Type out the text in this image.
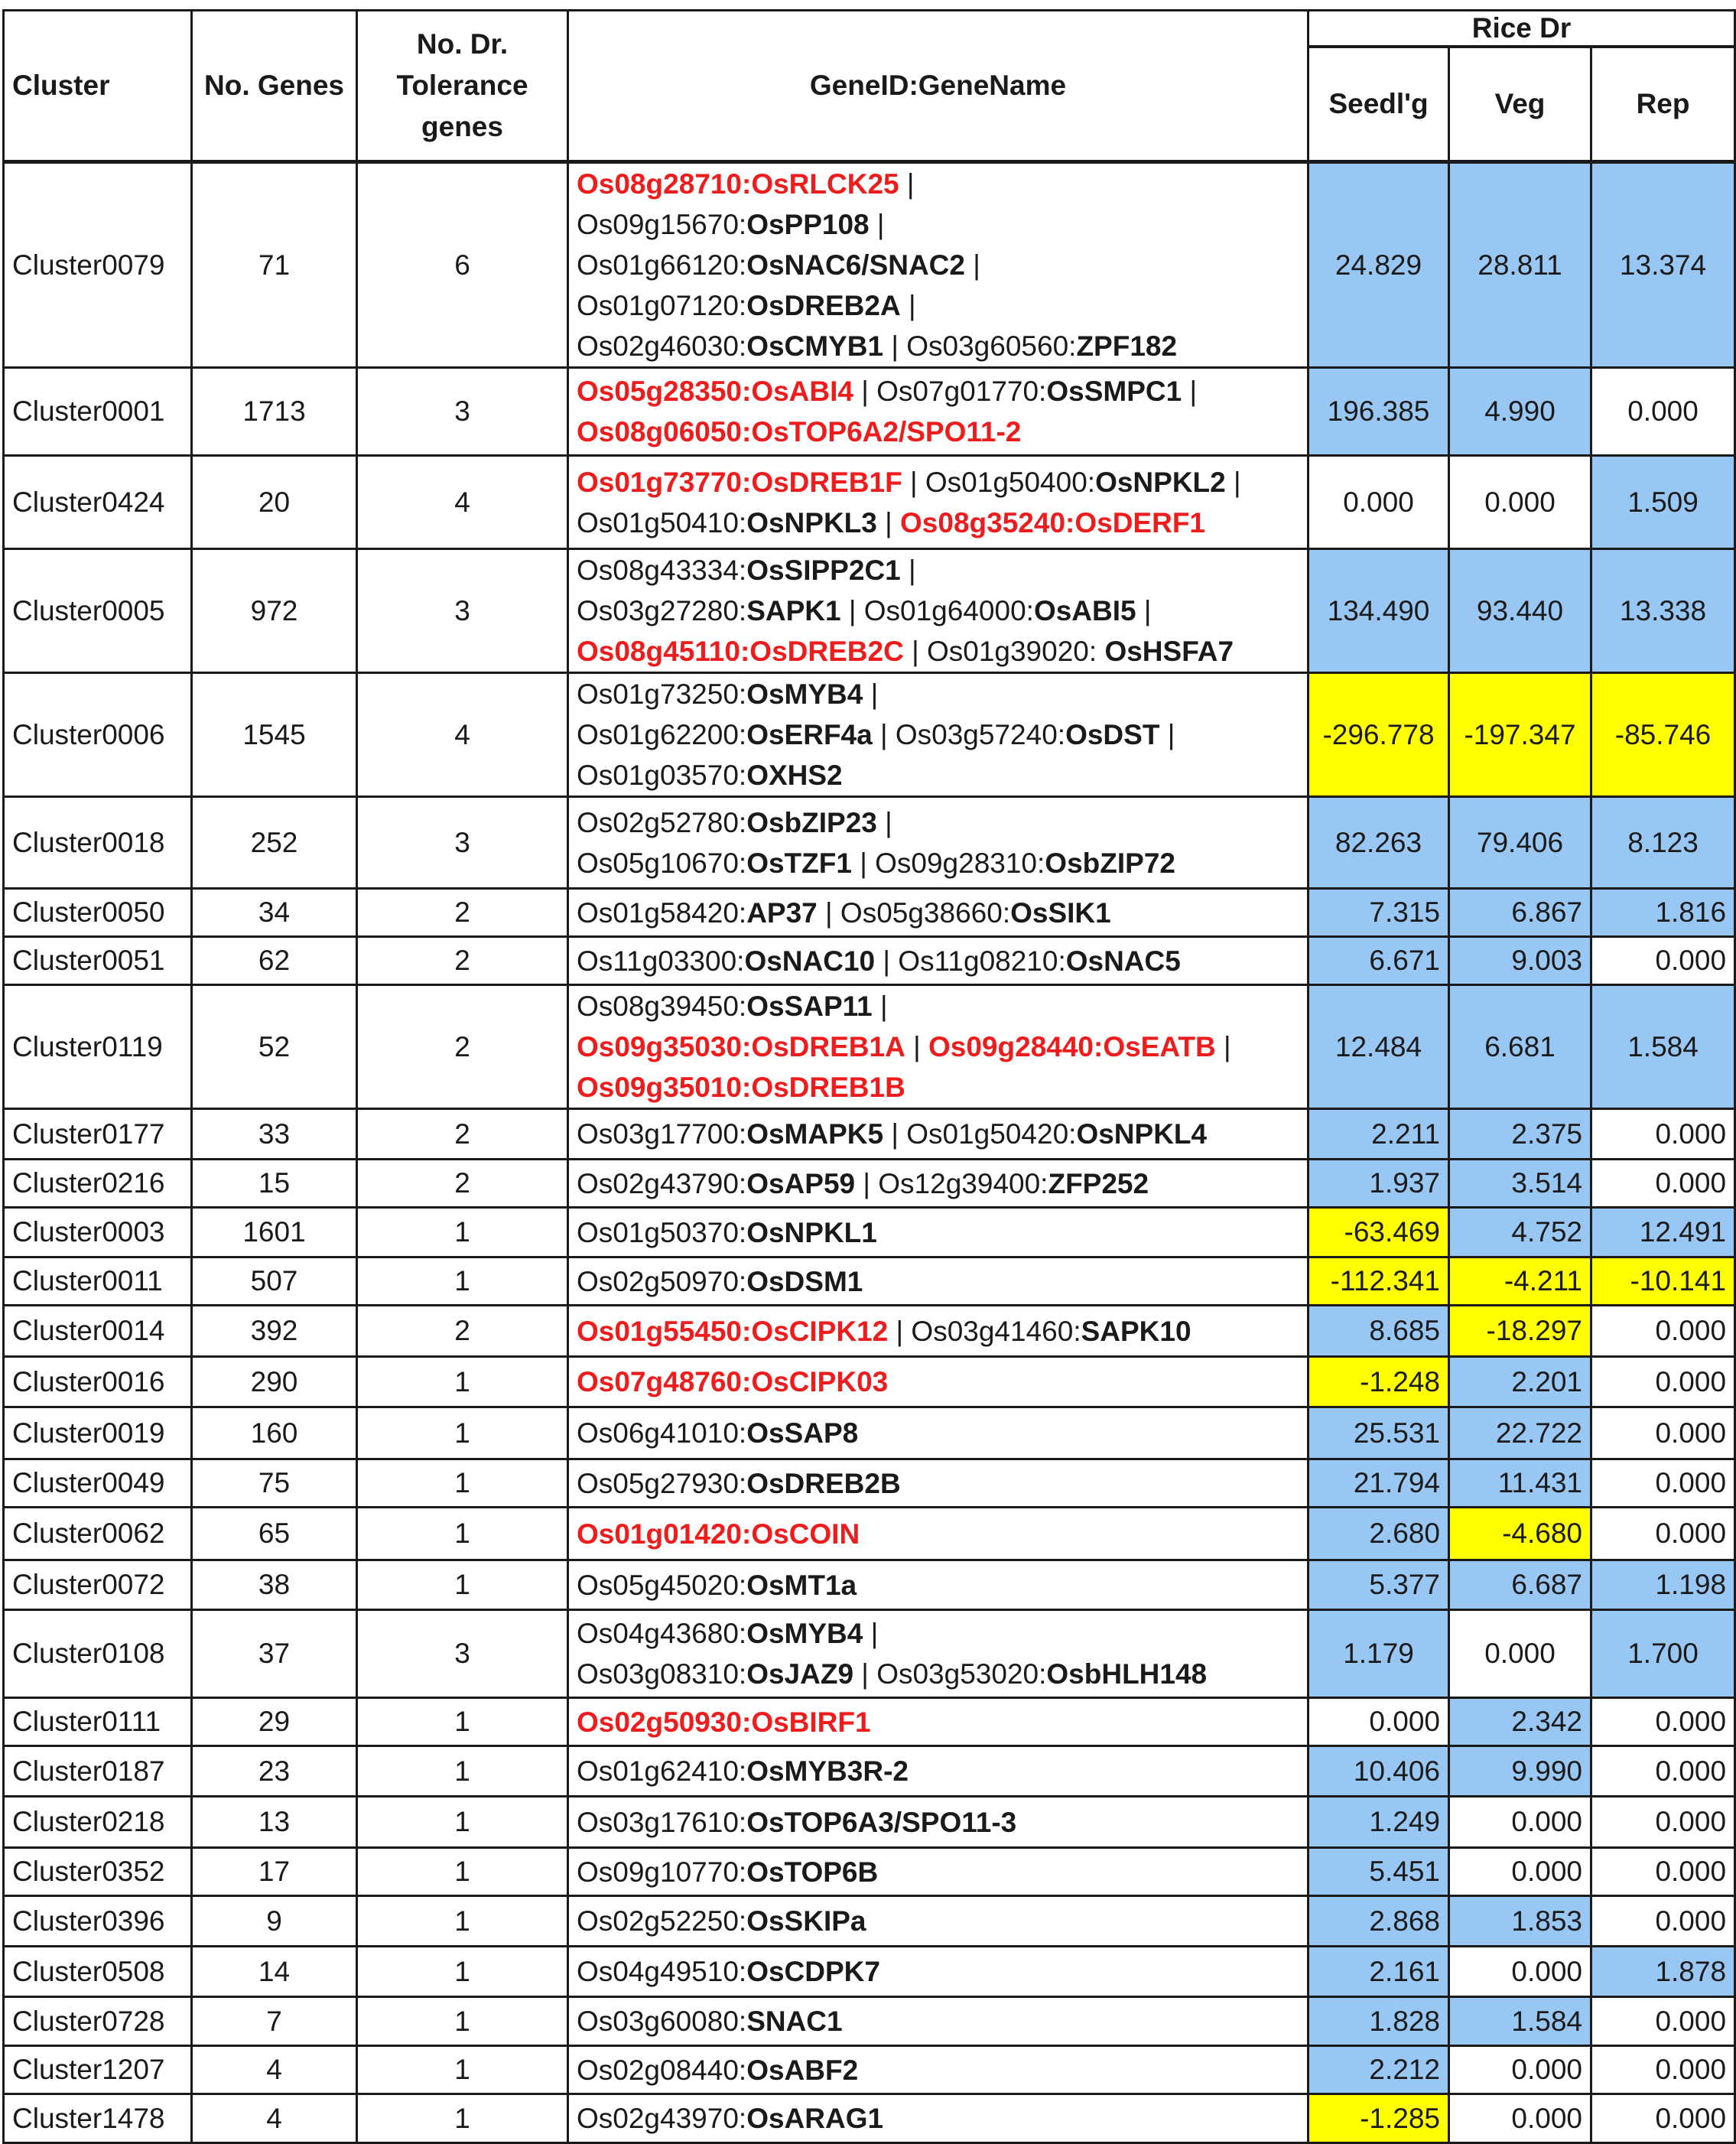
Cluster	No. Genes	No. Dr. Tolerance genes	GeneID:GeneName	Rice Dr		
				Seedl'g	Veg	Rep
Cluster0079	71	6	Os08g28710:OsRLCK25 |
Os09g15670:OsPP108 |
Os01g66120:OsNAC6/SNAC2 | Os01g07120:OsDREB2A |
Os02g46030:OsCMYB1 | Os03g60560:ZPF182	24.829	28.811	13.374
Cluster0001	1713	3	Os05g28350:OsABI4 | Os07g01770:OsSMPC1 | Os08g06050:OsTOP6A2/SPO11-2	196.385	4.990	0.000
Cluster0424	20	4	Os01g73770:OsDREB1F | Os01g50400:OsNPKL2 | Os01g50410:OsNPKL3 | Os08g35240:OsDERF1	0.000	0.000	1.509
Cluster0005	972	3	Os08g43334:OsSIPP2C1 |
Os03g27280:SAPK1 | Os01g64000:OsABI5 |
Os08g45110:OsDREB2C | Os01g39020: OsHSFA7	134.490	93.440	13.338
Cluster0006	1545	4	Os01g73250:OsMYB4 |
Os01g62200:OsERF4a | Os03g57240:OsDST | Os01g03570:OXHS2	-296.778	-197.347	-85.746
Cluster0018	252	3	Os02g52780:OsbZIP23 |
Os05g10670:OsTZF1 | Os09g28310:OsbZIP72	82.263	79.406	8.123
Cluster0050	34	2	Os01g58420:AP37 | Os05g38660:OsSIK1	7.315	6.867	1.816
Cluster0051	62	2	Os11g03300:OsNAC10 | Os11g08210:OsNAC5	6.671	9.003	0.000
Cluster0119	52	2	Os08g39450:OsSAP11 |
Os09g35030:OsDREB1A | Os09g28440:OsEATB | Os09g35010:OsDREB1B	12.484	6.681	1.584
Cluster0177	33	2	Os03g17700:OsMAPK5 | Os01g50420:OsNPKL4	2.211	2.375	0.000
Cluster0216	15	2	Os02g43790:OsAP59 | Os12g39400:ZFP252	1.937	3.514	0.000
Cluster0003	1601	1	Os01g50370:OsNPKL1	-63.469	4.752	12.491
Cluster0011	507	1	Os02g50970:OsDSM1	-112.341	-4.211	-10.141
Cluster0014	392	2	Os01g55450:OsCIPK12 | Os03g41460:SAPK10	8.685	-18.297	0.000
Cluster0016	290	1	Os07g48760:OsCIPK03	-1.248	2.201	0.000
Cluster0019	160	1	Os06g41010:OsSAP8	25.531	22.722	0.000
Cluster0049	75	1	Os05g27930:OsDREB2B	21.794	11.431	0.000
Cluster0062	65	1	Os01g01420:OsCOIN	2.680	-4.680	0.000
Cluster0072	38	1	Os05g45020:OsMT1a	5.377	6.687	1.198
Cluster0108	37	3	Os04g43680:OsMYB4 |
Os03g08310:OsJAZ9 | Os03g53020:OsbHLH148	1.179	0.000	1.700
Cluster0111	29	1	Os02g50930:OsBIRF1	0.000	2.342	0.000
Cluster0187	23	1	Os01g62410:OsMYB3R-2	10.406	9.990	0.000
Cluster0218	13	1	Os03g17610:OsTOP6A3/SPO11-3	1.249	0.000	0.000
Cluster0352	17	1	Os09g10770:OsTOP6B	5.451	0.000	0.000
Cluster0396	9	1	Os02g52250:OsSKIPa	2.868	1.853	0.000
Cluster0508	14	1	Os04g49510:OsCDPK7	2.161	0.000	1.878
Cluster0728	7	1	Os03g60080:SNAC1	1.828	1.584	0.000
Cluster1207	4	1	Os02g08440:OsABF2	2.212	0.000	0.000
Cluster1478	4	1	Os02g43970:OsARAG1	-1.285	0.000	0.000
